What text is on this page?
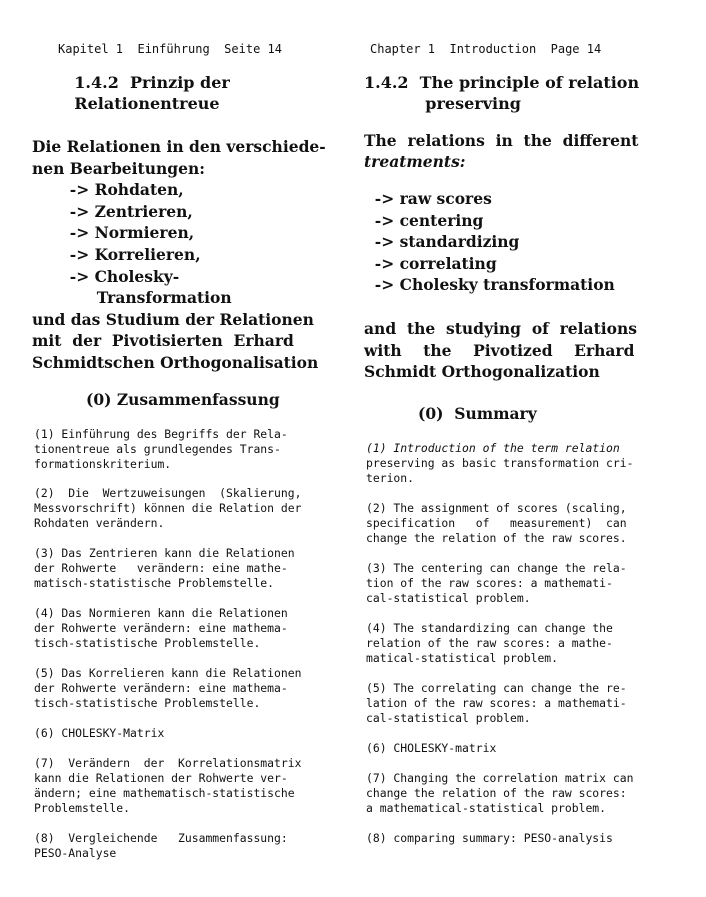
Kapitel 1  Einführung  Seite 14
1.4.2  Prinzip der
Relationentreue
Die Relationen in den verschiede-
nen Bearbeitungen:
-> Rohdaten,
-> Zentrieren,
-> Normieren,
-> Korrelieren,
-> Cholesky-
Transformation
und das Studium der Relationen
mit  der  Pivotisierten  Erhard
Schmidtschen Orthogonalisation
(0) Zusammenfassung
(1) Einführung des Begriffs der Rela-
tionentreue als grundlegendes Trans-
formationskriterium.
(2)  Die  Wertzuweisungen  (Skalierung,
Messvorschrift) können die Relation der
Rohdaten verändern.
(3) Das Zentrieren kann die Relationen
der Rohwerte   verändern: eine mathe-
matisch-statistische Problemstelle.
(4) Das Normieren kann die Relationen
der Rohwerte verändern: eine mathema-
tisch-statistische Problemstelle.
(5) Das Korrelieren kann die Relationen
der Rohwerte verändern: eine mathema-
tisch-statistische Problemstelle.
(6) CHOLESKY-Matrix
(7)  Verändern  der  Korrelationsmatrix
kann die Relationen der Rohwerte ver-
ändern; eine mathematisch-statistische
Problemstelle.
(8)  Vergleichende   Zusammenfassung:
PESO-Analyse
Chapter 1  Introduction  Page 14
1.4.2  The principle of relation
preserving
The  relations  in  the  different
treatments:
-> raw scores
-> centering
-> standardizing
-> correlating
-> Cholesky transformation
and  the  studying  of  relations
with    the    Pivotized    Erhard
Schmidt Orthogonalization
(0)  Summary
(1) Introduction of the term relation
preserving as basic transformation cri-
terion.
(2) The assignment of scores (scaling,
specification   of   measurement)  can
change the relation of the raw scores.
(3) The centering can change the rela-
tion of the raw scores: a mathemati-
cal-statistical problem.
(4) The standardizing can change the
relation of the raw scores: a mathe-
matical-statistical problem.
(5) The correlating can change the re-
lation of the raw scores: a mathemati-
cal-statistical problem.
(6) CHOLESKY-matrix
(7) Changing the correlation matrix can
change the relation of the raw scores:
a mathematical-statistical problem.
(8) comparing summary: PESO-analysis
